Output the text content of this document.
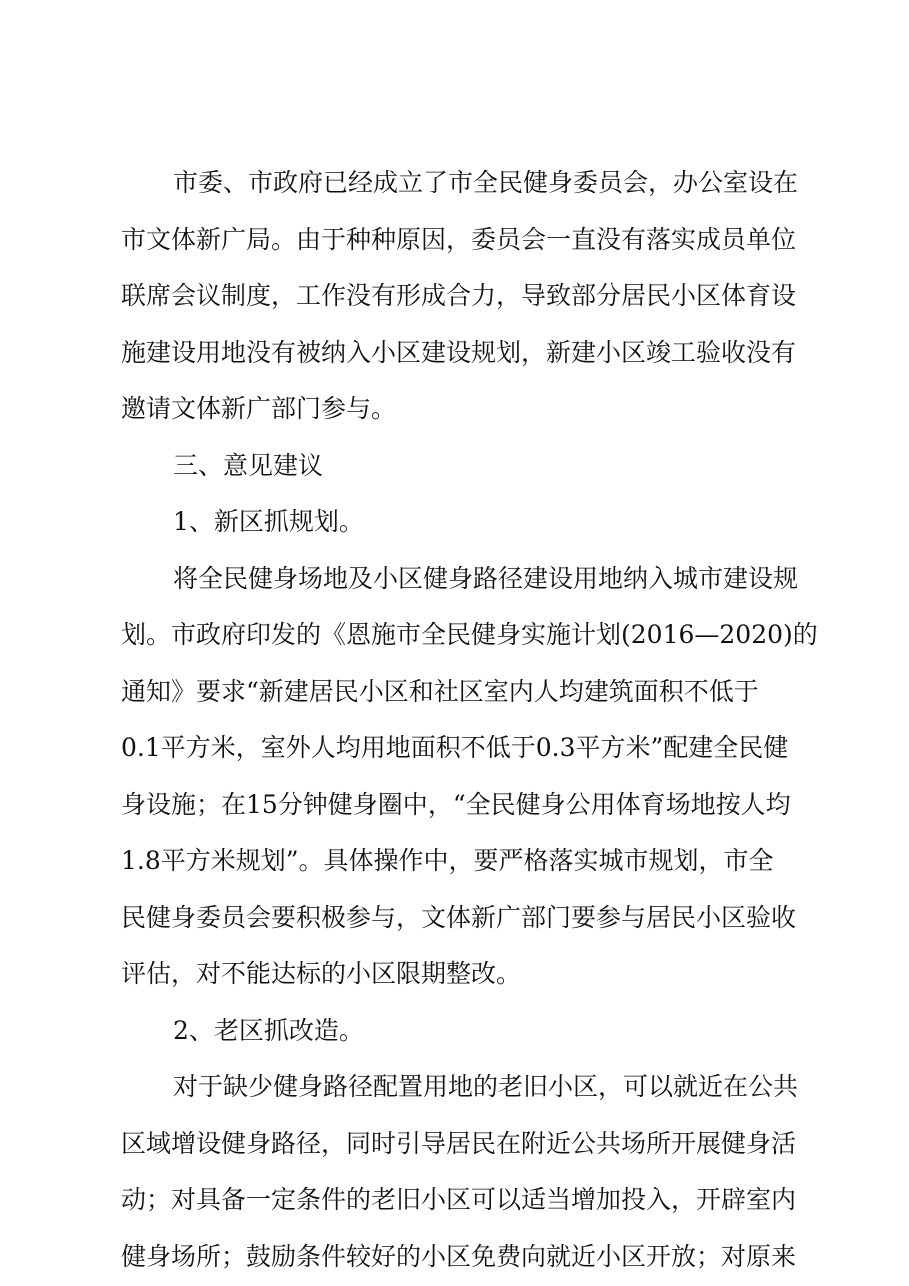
市委、市政府已经成立了市全民健身委员会，办公室设在
市文体新广局。由于种种原因，委员会一直没有落实成员单位
联席会议制度，工作没有形成合力，导致部分居民小区体育设
施建设用地没有被纳入小区建设规划，新建小区竣工验收没有
邀请文体新广部门参与。
三、意见建议
1、新区抓规划。
将全民健身场地及小区健身路径建设用地纳入城市建设规
划。市政府印发的《恩施市全民健身实施计划(2016—2020)的
通知》要求“新建居民小区和社区室内人均建筑面积不低于
0.1平方米，室外人均用地面积不低于0.3平方米”配建全民健
身设施；在15分钟健身圈中，“全民健身公用体育场地按人均
1.8平方米规划”。具体操作中，要严格落实城市规划，市全
民健身委员会要积极参与，文体新广部门要参与居民小区验收
评估，对不能达标的小区限期整改。
2、老区抓改造。
对于缺少健身路径配置用地的老旧小区，可以就近在公共
区域增设健身路径，同时引导居民在附近公共场所开展健身活
动；对具备一定条件的老旧小区可以适当增加投入，开辟室内
健身场所；鼓励条件较好的小区免费向就近小区开放；对原来
